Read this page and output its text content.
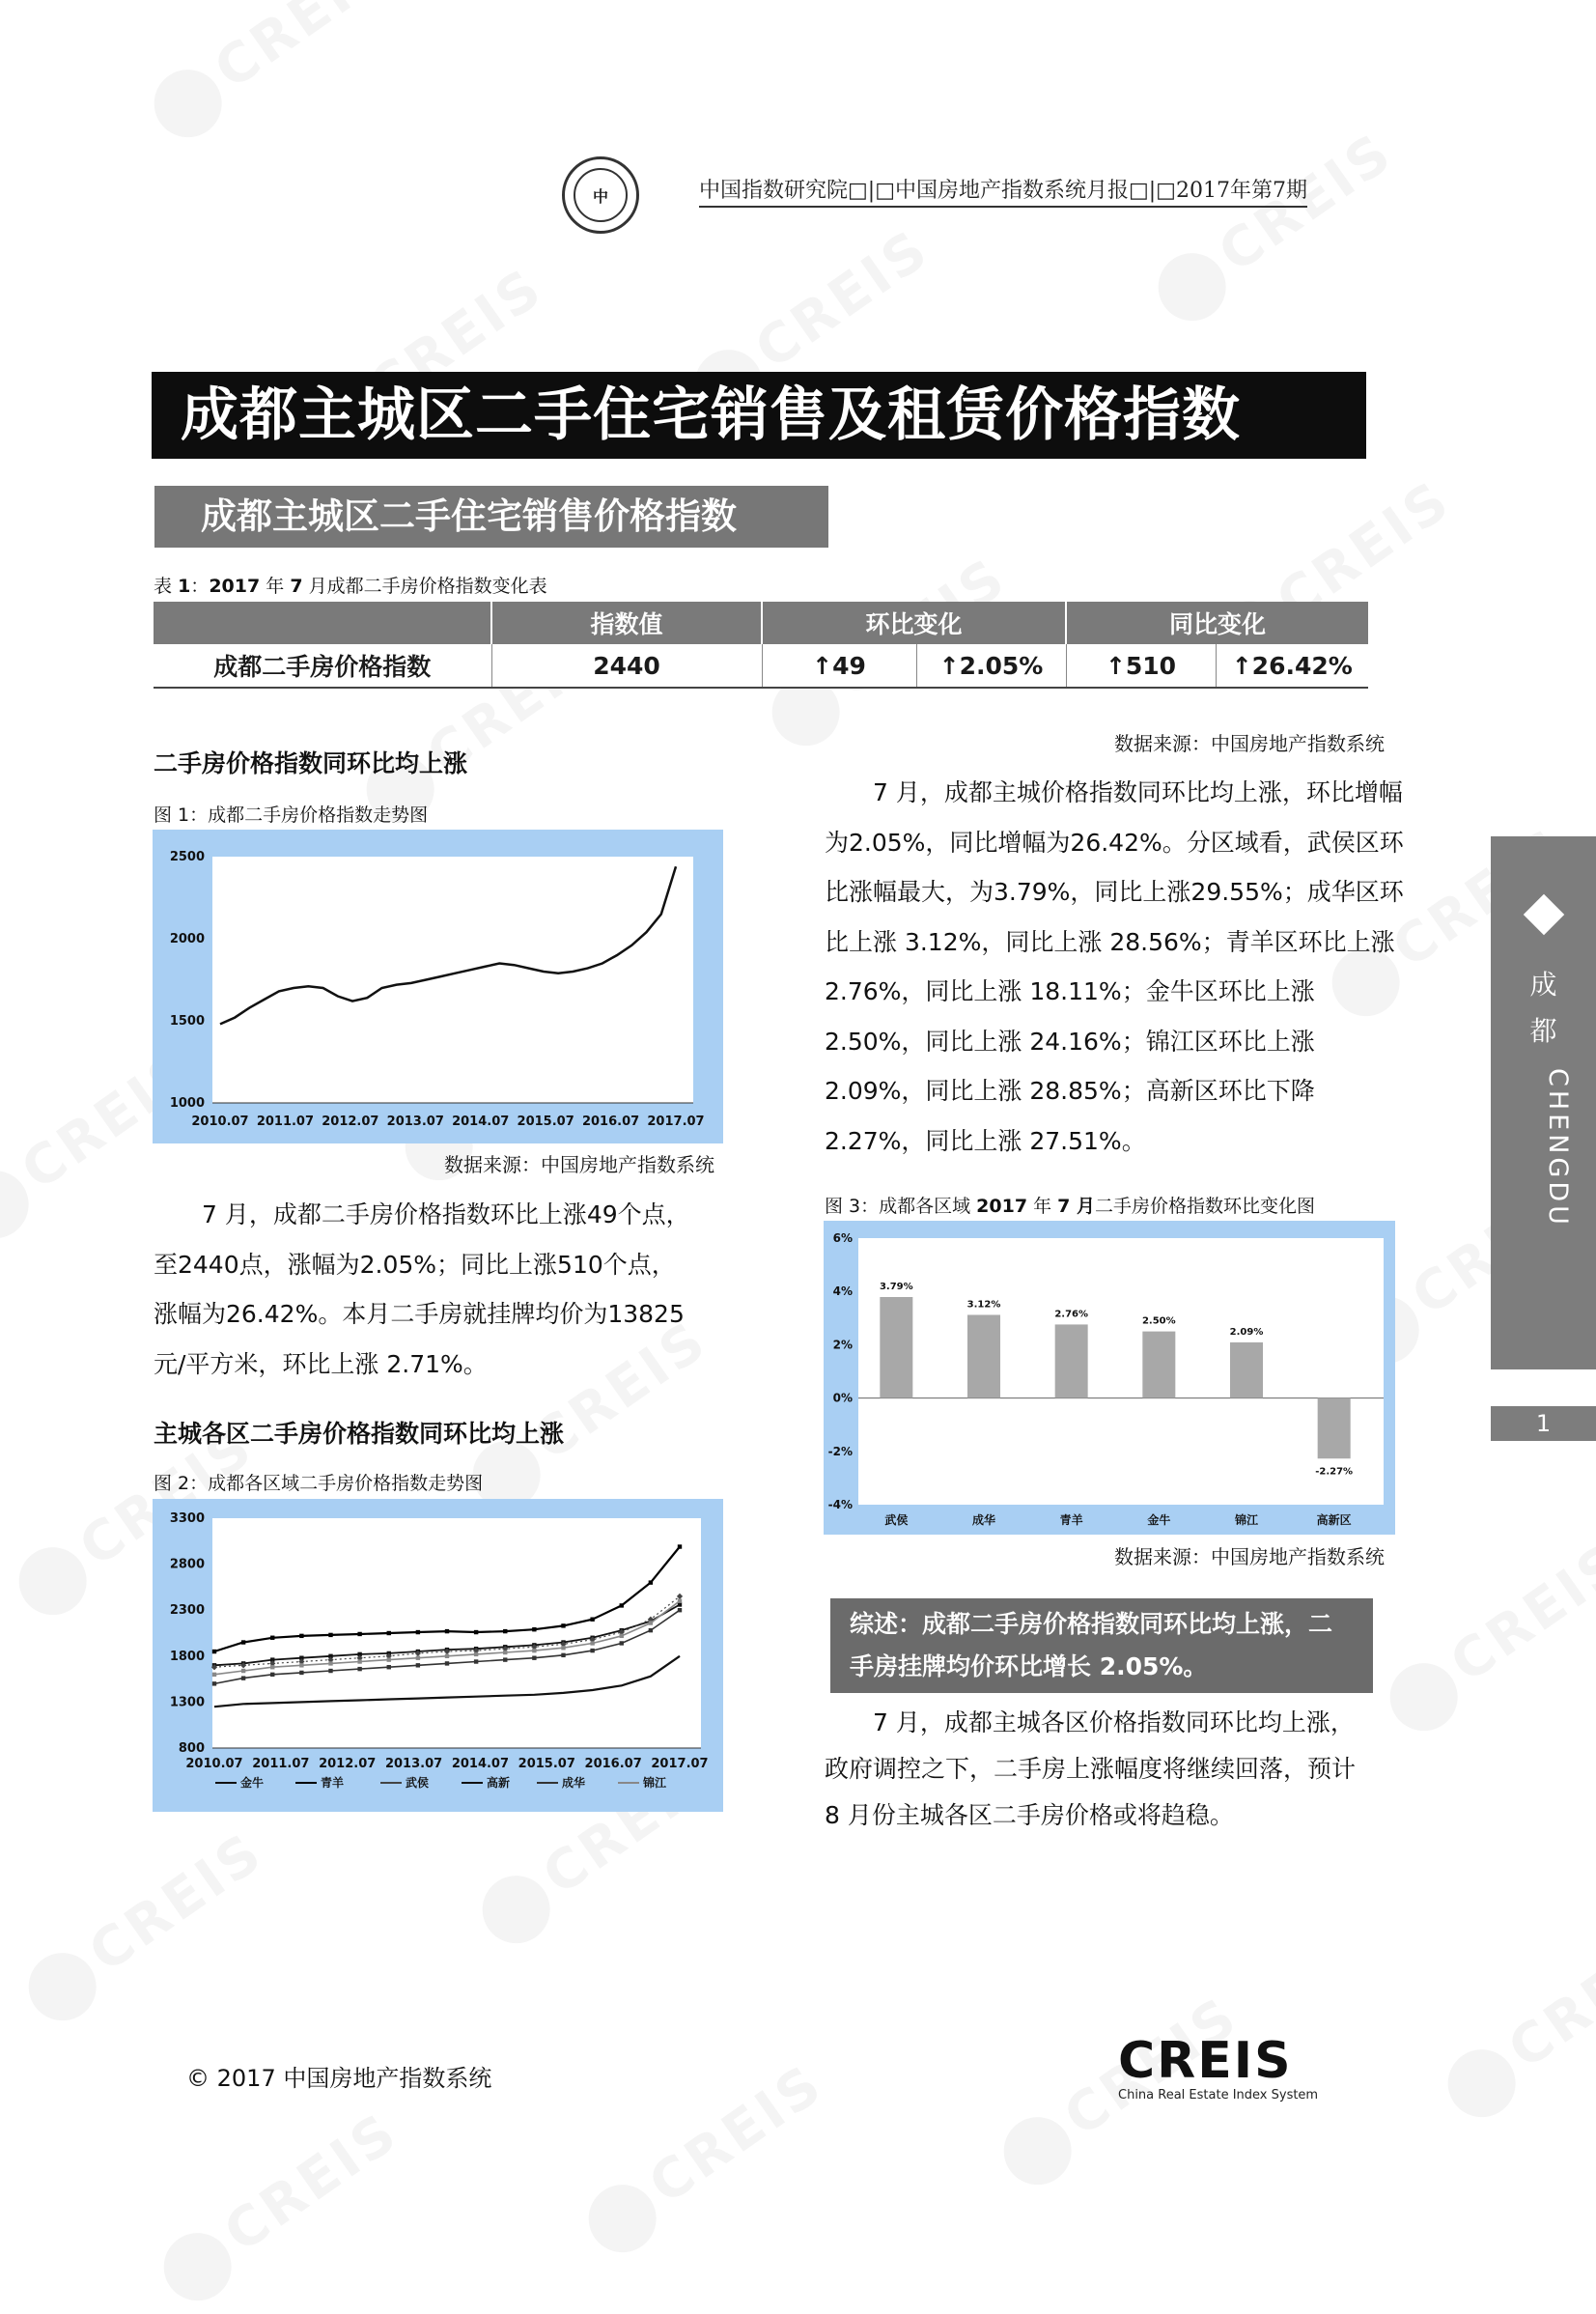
中	中国指数研究院□|□中国房地产指数系统月报□|□2017年第7期
成都主城区二手住宅销售及租赁价格指数
成都主城区二手住宅销售价格指数
表 1：2017 年 7 月成都二手房价格指数变化表
	指数值	环比变化		同比变化	
成都二手房价格指数	2440	↑49	↑2.05%	↑510	↑26.42%
数据来源：中国房地产指数系统
二手房价格指数同环比均上涨
图 1：成都二手房价格指数走势图
1000
1500
2000
2500
2010.07 2011.07 2012.07 2013.07 2014.07 2015.07 2016.07 2017.07
数据来源：中国房地产指数系统
7 月，成都二手房价格指数环比上涨49个点，至2440点，涨幅为2.05%；同比上涨510个点，涨幅为26.42%。本月二手房就挂牌均价为13825元/平方米，环比上涨 2.71%。
主城各区二手房价格指数同环比均上涨
图 2：成都各区域二手房价格指数走势图
800
1300
1800
2300
2800
3300
2010.07 2011.07 2012.07 2013.07 2014.07 2015.07 2016.07 2017.07
金牛	青羊	武侯	高新	成华	锦江
7 月，成都主城价格指数同环比均上涨，环比增幅为2.05%，同比增幅为26.42%。分区域看，武侯区环比涨幅最大，为3.79%，同比上涨29.55%；成华区环比上涨 3.12%，同比上涨 28.56%；青羊区环比上涨 2.76%，同比上涨 18.11%；金牛区环比上涨 2.50%，同比上涨 24.16%；锦江区环比上涨 2.09%，同比上涨 28.85%；高新区环比下降 2.27%，同比上涨 27.51%。
图 3：成都各区域 2017 年 7 月二手房价格指数环比变化图
6%
4%
2%
0%
-2%
-4%
3.79%
武侯
3.12%
成华
2.76%
青羊
2.50%
金牛
2.09%
锦江
-2.27%
高新区
数据来源：中国房地产指数系统
综述：成都二手房价格指数同环比均上涨，二手房挂牌均价环比增长 2.05%。
7 月，成都主城各区价格指数同环比均上涨，政府调控之下，二手房上涨幅度将继续回落，预计8 月份主城各区二手房价格或将趋稳。
成
都
CHENGDU
1
© 2017 中国房地产指数系统	CREIS
China Real Estate Index System
